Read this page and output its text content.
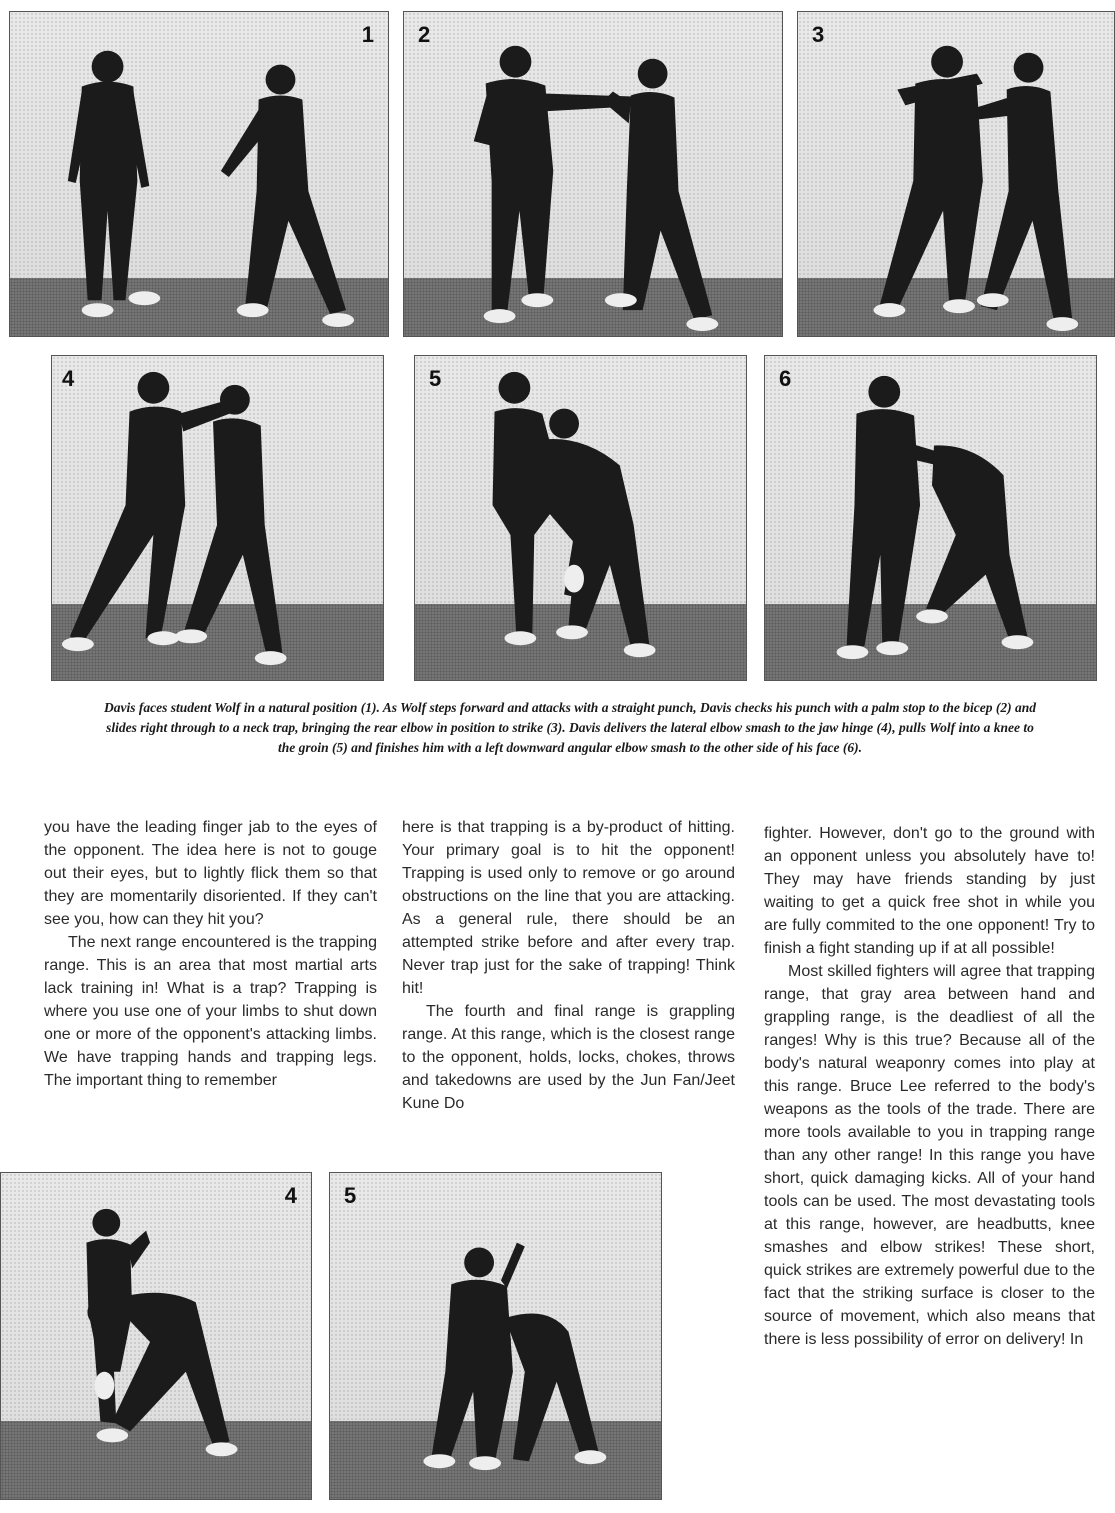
1 2	3
4	5	6
Davis faces student Wolf in a natural position (1). As Wolf steps forward and attacks with a straight punch, Davis checks his punch with a palm stop to the bicep (2) and slides right through to a neck trap, bringing the rear elbow in position to strike (3). Davis delivers the lateral elbow smash to the jaw hinge (4), pulls Wolf into a knee to the groin (5) and finishes him with a left downward angular elbow smash to the other side of his face (6).

you have the leading finger jab to the eyes of the opponent. The idea here is not to gouge out their eyes, but to lightly flick them so that they are momentarily disoriented. If they can't see you, how can they hit you?

The next range encountered is the trapping range. This is an area that most martial arts lack training in! What is a trap? Trapping is where you use one of your limbs to shut down one or more of the opponent's attacking limbs. We have trapping hands and trapping legs. The important thing to remember

here is that trapping is a by-product of hitting. Your primary goal is to hit the opponent! Trapping is used only to remove or go around obstructions on the line that you are attacking. As a general rule, there should be an attempted strike before and after every trap. Never trap just for the sake of trapping! Think hit!

The fourth and final range is grappling range. At this range, which is the closest range to the opponent, holds, locks, chokes, throws and takedowns are used by the Jun Fan/Jeet Kune Do

fighter. However, don't go to the ground with an opponent unless you absolutely have to! They may have friends standing by just waiting to get a quick free shot in while you are fully commited to the one opponent! Try to finish a fight standing up if at all possible!

Most skilled fighters will agree that trapping range, that gray area between hand and grappling range, is the deadliest of all the ranges! Why is this true? Because all of the body's natural weaponry comes into play at this range. Bruce Lee referred to the body's weapons as the tools of the trade. There are more tools available to you in trapping range than any other range! In this range you have short, quick damaging kicks. All of your hand tools can be used. The most devastating tools at this range, however, are headbutts, knee smashes and elbow strikes! These short, quick strikes are extremely powerful due to the fact that the striking surface is closer to the source of movement, which also means that there is less possibility of error on delivery! In

4 5
